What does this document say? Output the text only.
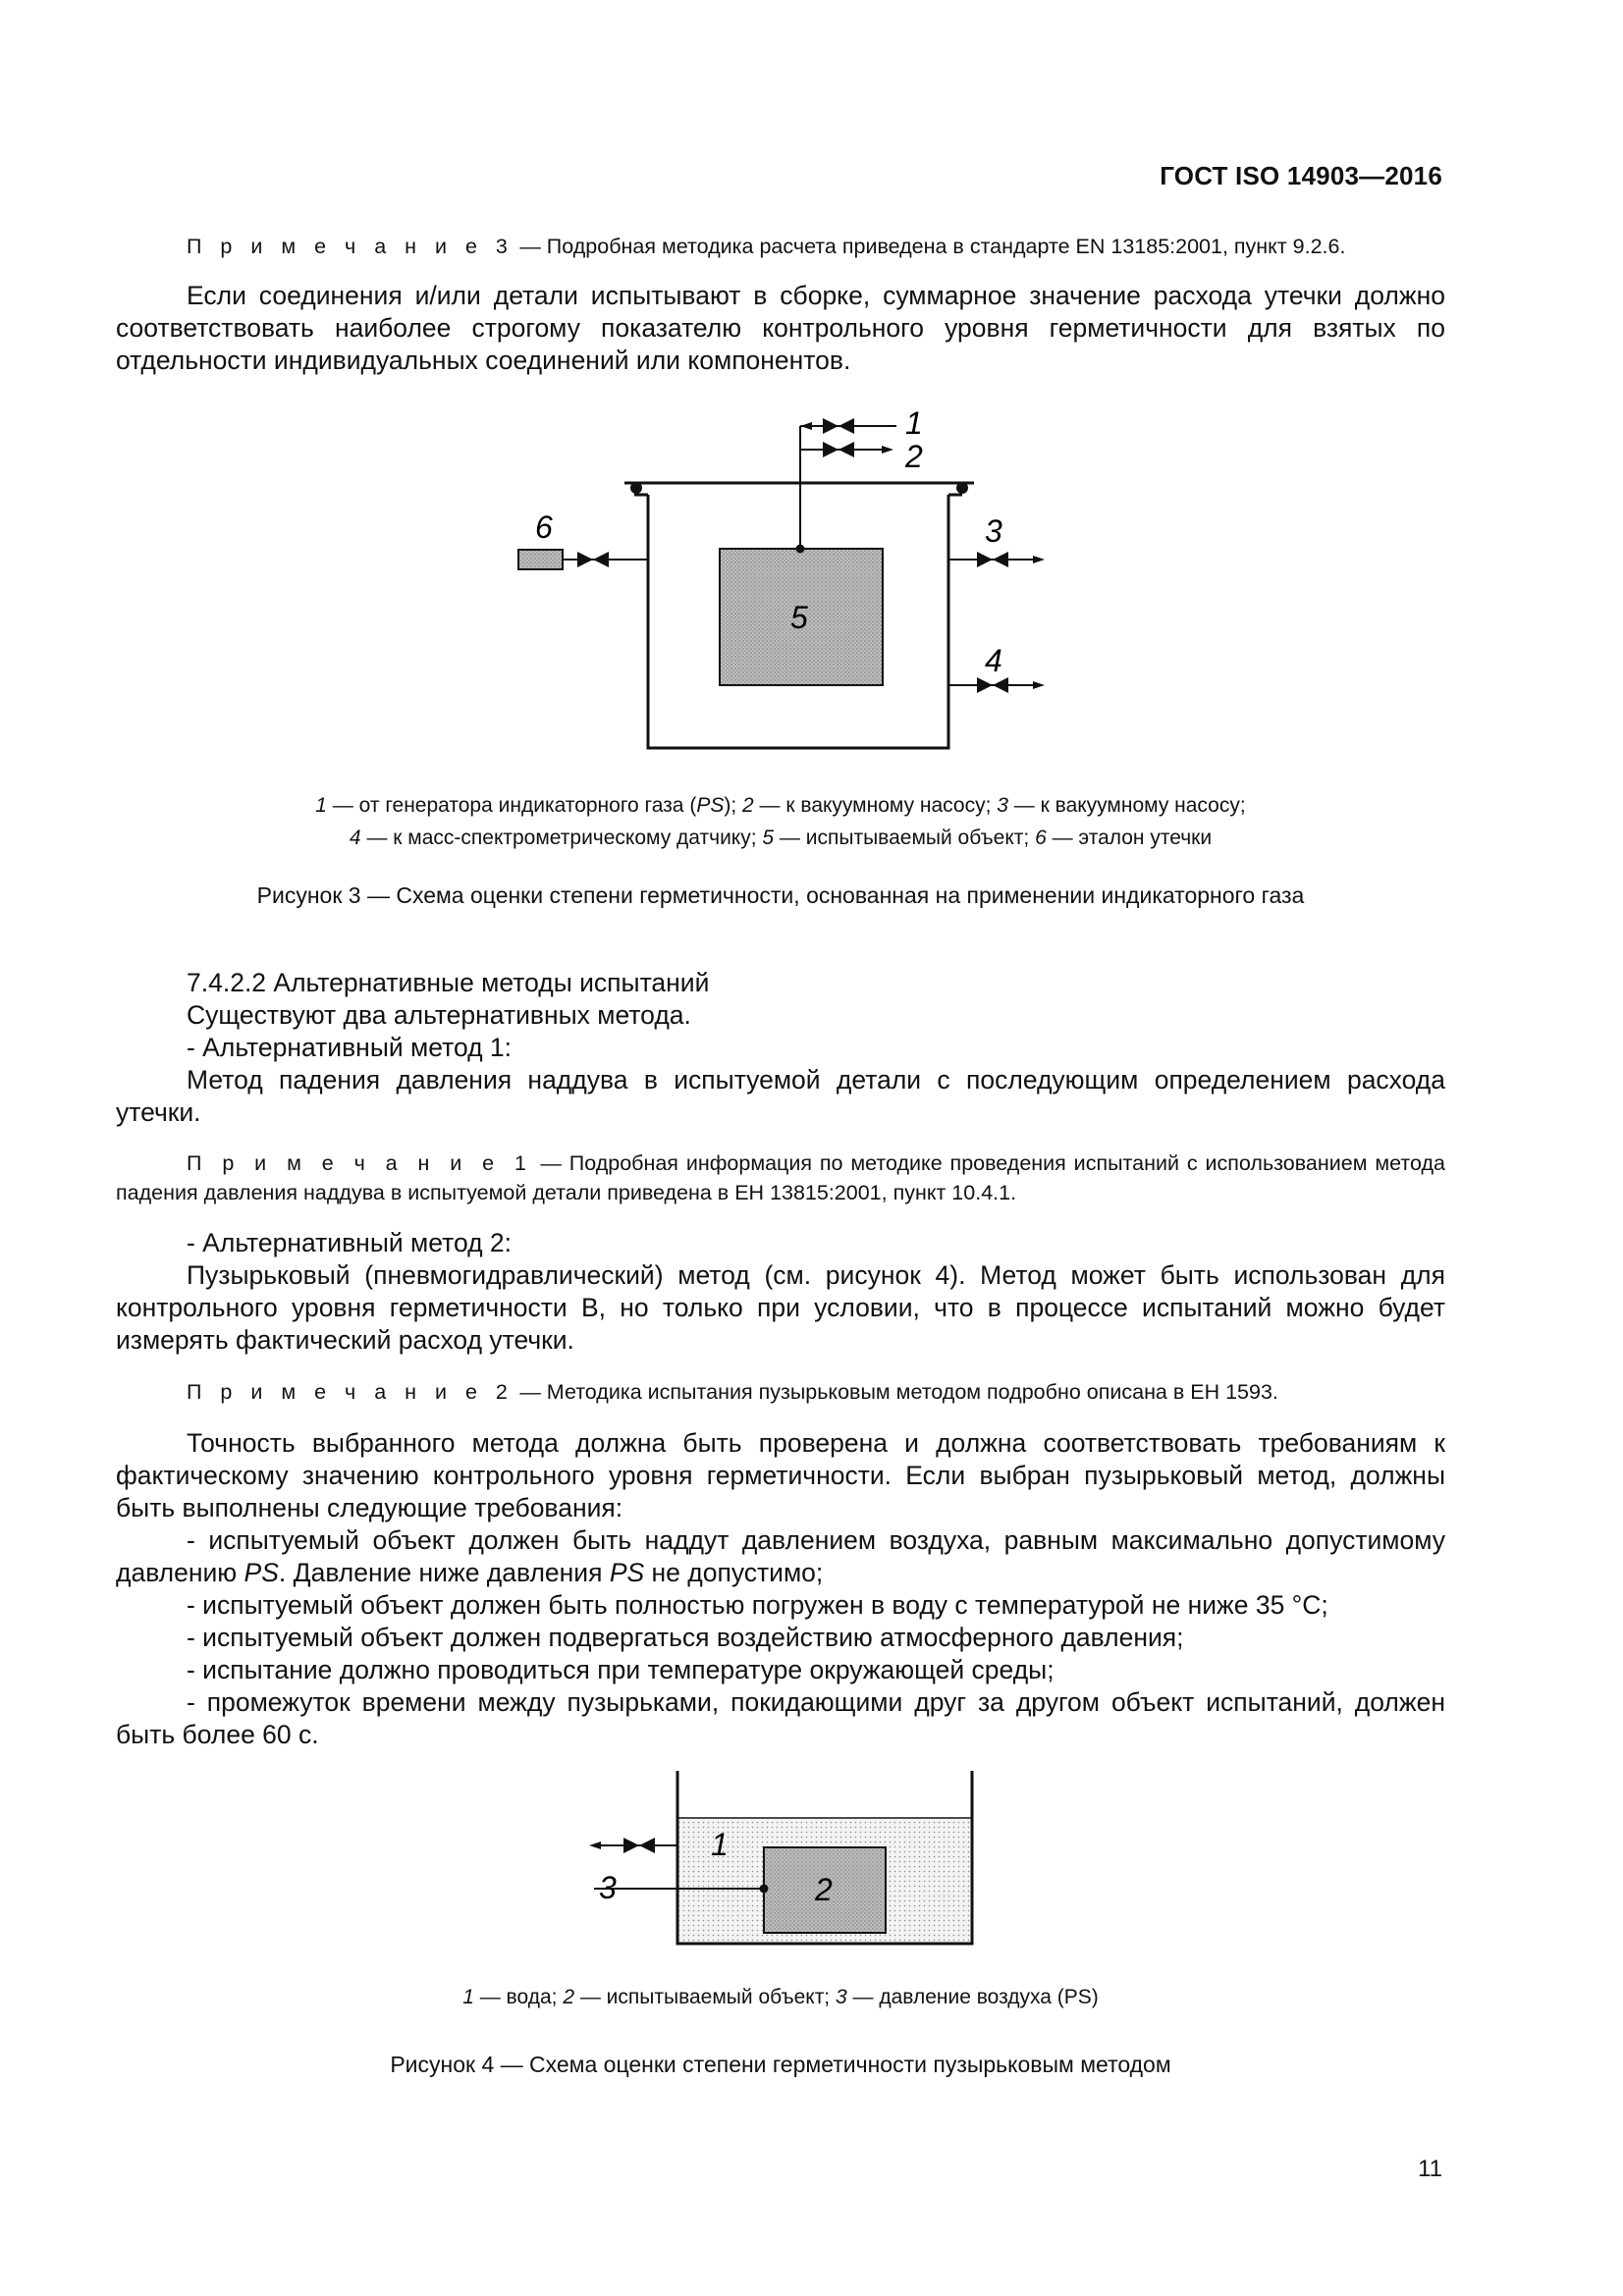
ГОСТ ISO 14903—2016

П р и м е ч а н и е 3 — Подробная методика расчета приведена в стандарте EN 13185:2001, пункт 9.2.6.

Если соединения и/или детали испытывают в сборке, суммарное значение расхода утечки должно соответствовать наиболее строгому показателю контрольного уровня герметичности для взятых по отдельности индивидуальных соединений или компонентов.

1
2
3
4
5
6

1 — от генератора индикаторного газа (PS); 2 — к вакуумному насосу; 3 — к вакуумному насосу;

4 — к масс-спектрометрическому датчику; 5 — испытываемый объект; 6 — эталон утечки

Рисунок 3 — Схема оценки степени герметичности, основанная на применении индикаторного газа

7.4.2.2 Альтернативные методы испытаний

Существуют два альтернативных метода.

- Альтернативный метод 1:

Метод падения давления наддува в испытуемой детали с последующим определением расхода утечки.

П р и м е ч а н и е 1 — Подробная информация по методике проведения испытаний с использованием метода падения давления наддува в испытуемой детали приведена в ЕН 13815:2001, пункт 10.4.1.

- Альтернативный метод 2:

Пузырьковый (пневмогидравлический) метод (см. рисунок 4). Метод может быть использован для контрольного уровня герметичности В, но только при условии, что в процессе испытаний можно будет измерять фактический расход утечки.

П р и м е ч а н и е 2 — Методика испытания пузырьковым методом подробно описана в ЕН 1593.

Точность выбранного метода должна быть проверена и должна соответствовать требованиям к фактическому значению контрольного уровня герметичности. Если выбран пузырьковый метод, должны быть выполнены следующие требования:

- испытуемый объект должен быть наддут давлением воздуха, равным максимально допустимому давлению PS. Давление ниже давления PS не допустимо;

- испытуемый объект должен быть полностью погружен в воду с температурой не ниже 35 °С;

- испытуемый объект должен подвергаться воздействию атмосферного давления;

- испытание должно проводиться при температуре окружающей среды;

- промежуток времени между пузырьками, покидающими друг за другом объект испытаний, должен быть более 60 с.

1
2
3

1 — вода; 2 — испытываемый объект; 3 — давление воздуха (PS)

Рисунок 4 — Схема оценки степени герметичности пузырьковым методом

11
